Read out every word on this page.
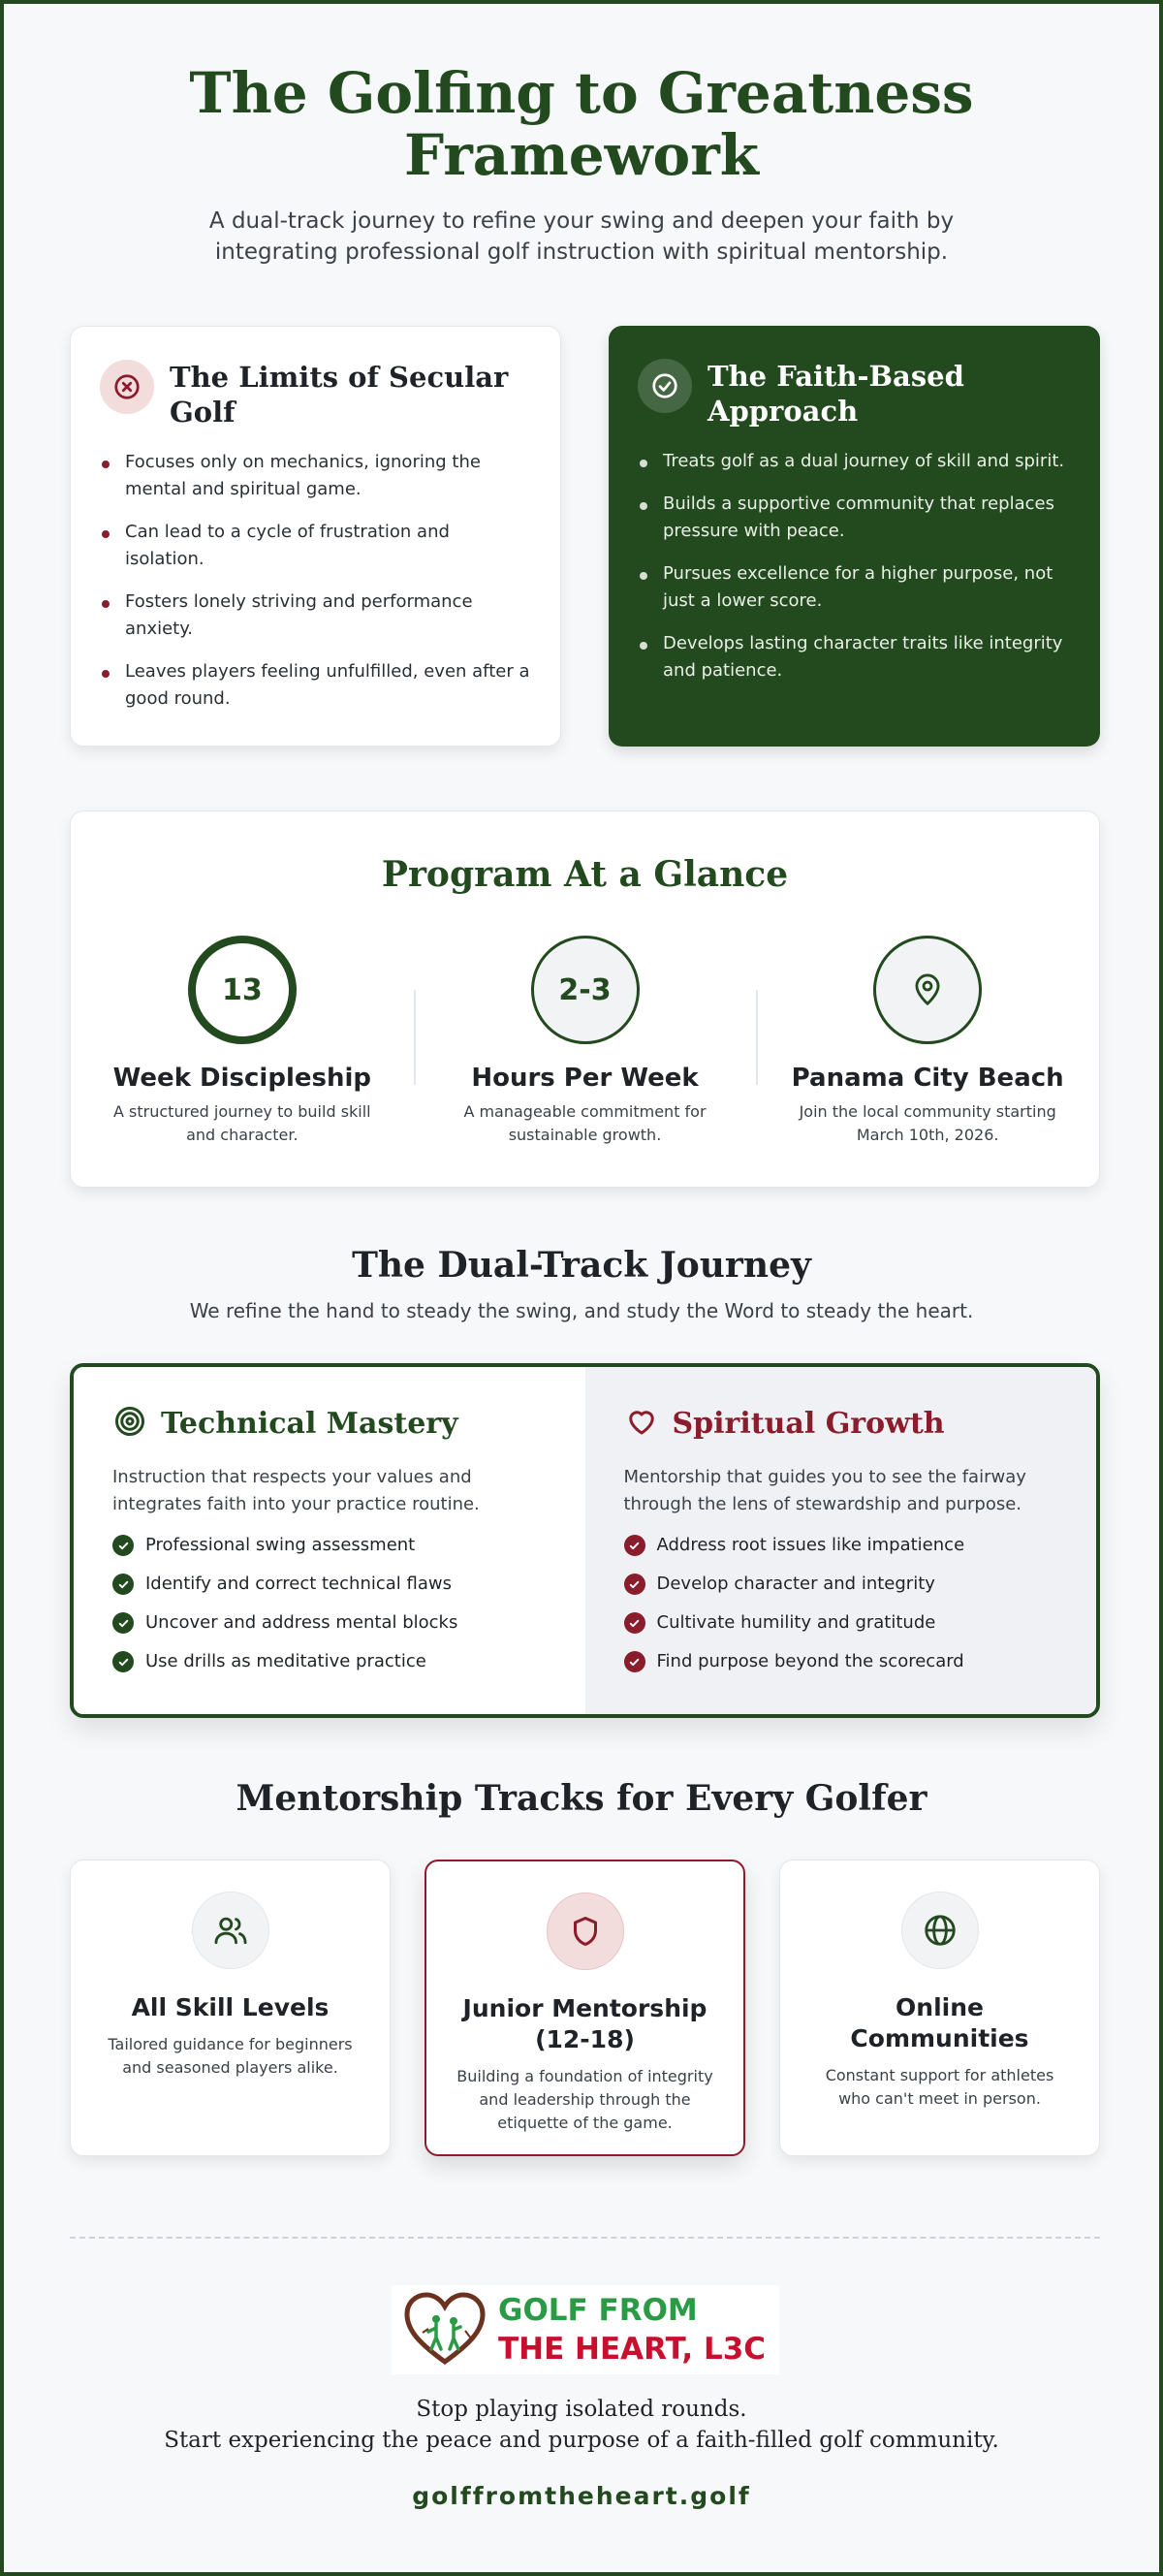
The Golfing to Greatness Framework

A dual-track journey to refine your swing and deepen your faith by integrating professional golf instruction with spiritual mentorship.

The Limits of Secular Golf
Focuses only on mechanics, ignoring the mental and spiritual game.
Can lead to a cycle of frustration and isolation.
Fosters lonely striving and performance anxiety.
Leaves players feeling unfulfilled, even after a good round.
The Faith-Based Approach
Treats golf as a dual journey of skill and spirit.
Builds a supportive community that replaces pressure with peace.
Pursues excellence for a higher purpose, not just a lower score.
Develops lasting character traits like integrity and patience.
Program At a Glance
13
Week Discipleship

A structured journey to build skill and character.

2-3
Hours Per Week

A manageable commitment for sustainable growth.

Panama City Beach

Join the local community starting March 10th, 2026.

The Dual-Track Journey
We refine the hand to steady the swing, and study the Word to steady the heart.
Technical Mastery

Instruction that respects your values and integrates faith into your practice routine.

Professional swing assessment
Identify and correct technical flaws
Uncover and address mental blocks
Use drills as meditative practice
Spiritual Growth

Mentorship that guides you to see the fairway through the lens of stewardship and purpose.

Address root issues like impatience
Develop character and integrity
Cultivate humility and gratitude
Find purpose beyond the scorecard
Mentorship Tracks for Every Golfer
All Skill Levels

Tailored guidance for beginners and seasoned players alike.

Junior Mentorship (12-18)

Building a foundation of integrity and leadership through the etiquette of the game.

Online Communities

Constant support for athletes who can't meet in person.

GOLF FROM
THE HEART, L3C
Stop playing isolated rounds.
Start experiencing the peace and purpose of a faith-filled golf community.
golffromtheheart.golf
